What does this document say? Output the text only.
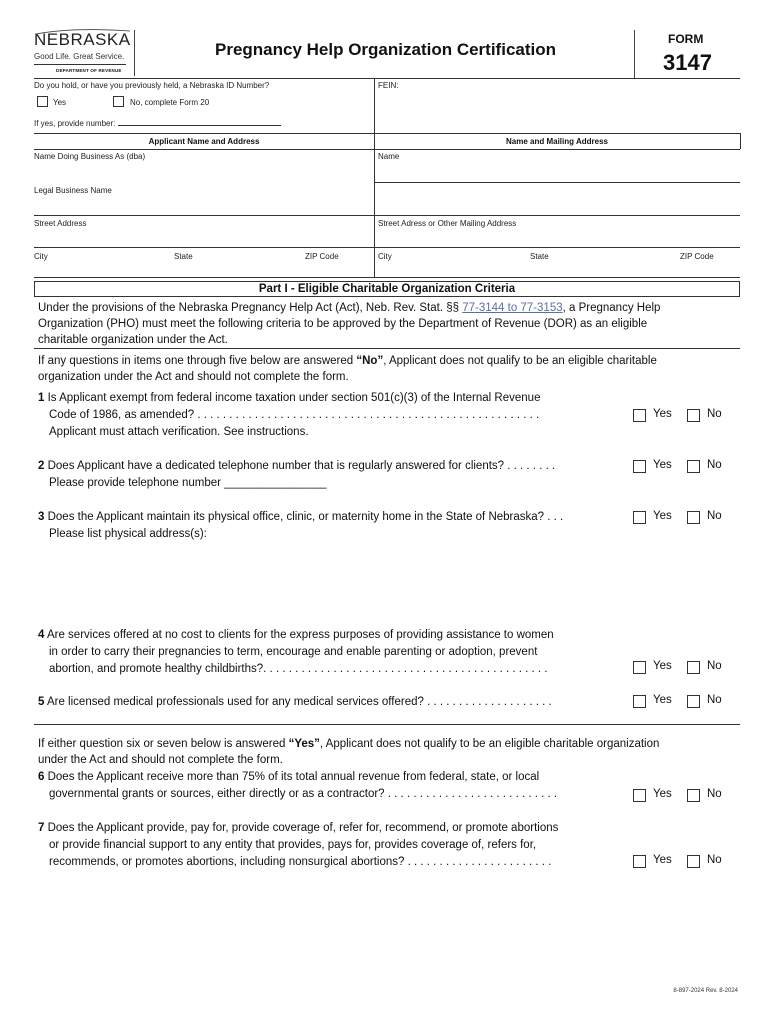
NEBRASKA
Good Life. Great Service.
DEPARTMENT OF REVENUE
Pregnancy Help Organization Certification
FORM
3147
Do you hold, or have you previously held, a Nebraska ID Number?	FEIN:
Yes	No, complete Form 20
If yes, provide number:
Applicant Name and Address	Name and Mailing Address
Name Doing Business As (dba)	Name
Legal Business Name
Street Address	Street Adress or Other Mailing Address
City	State	ZIP Code	City	State	ZIP Code
Part I - Eligible Charitable Organization Criteria
Under the provisions of the Nebraska Pregnancy Help Act (Act), Neb. Rev. Stat. §§ 77-3144 to 77-3153, a Pregnancy Help
Organization (PHO) must meet the following criteria to be approved by the Department of Revenue (DOR) as an eligible
charitable organization under the Act.
If any questions in items one through five below are answered “No”, Applicant does not qualify to be an eligible charitable
organization under the Act and should not complete the form.
1 Is Applicant exempt from federal income taxation under section 501(c)(3) of the Internal Revenue
Code of 1986, as amended? . . . . . . . . . . . . . . . . . . . . . . . . . . . . . . . . . . . . . . . . . . . . . . . . . . . . . .
Applicant must attach verification. See instructions.
Yes	No
2 Does Applicant have a dedicated telephone number that is regularly answered for clients? . . . . . . . .
Please provide telephone number ________________
Yes	No
3 Does the Applicant maintain its physical office, clinic, or maternity home in the State of Nebraska? . . .
Please list physical address(s):
Yes	No
4 Are services offered at no cost to clients for the express purposes of providing assistance to women
in order to carry their pregnancies to term, encourage and enable parenting or adoption, prevent
abortion, and promote healthy childbirths?. . . . . . . . . . . . . . . . . . . . . . . . . . . . . . . . . . . . . . . . . . . . .	Yes	No
5 Are licensed medical professionals used for any medical services offered? . . . . . . . . . . . . . . . . . . . .	Yes	No
If either question six or seven below is answered “Yes”, Applicant does not qualify to be an eligible charitable organization
under the Act and should not complete the form.
6 Does the Applicant receive more than 75% of its total annual revenue from federal, state, or local
governmental grants or sources, either directly or as a contractor? . . . . . . . . . . . . . . . . . . . . . . . . . . .	Yes	No
7 Does the Applicant provide, pay for, provide coverage of, refer for, recommend, or promote abortions
or provide financial support to any entity that provides, pays for, provides coverage of, refers for,
recommends, or promotes abortions, including nonsurgical abortions? . . . . . . . . . . . . . . . . . . . . . . .	Yes	No
8-897-2024 Rev. 8-2024
